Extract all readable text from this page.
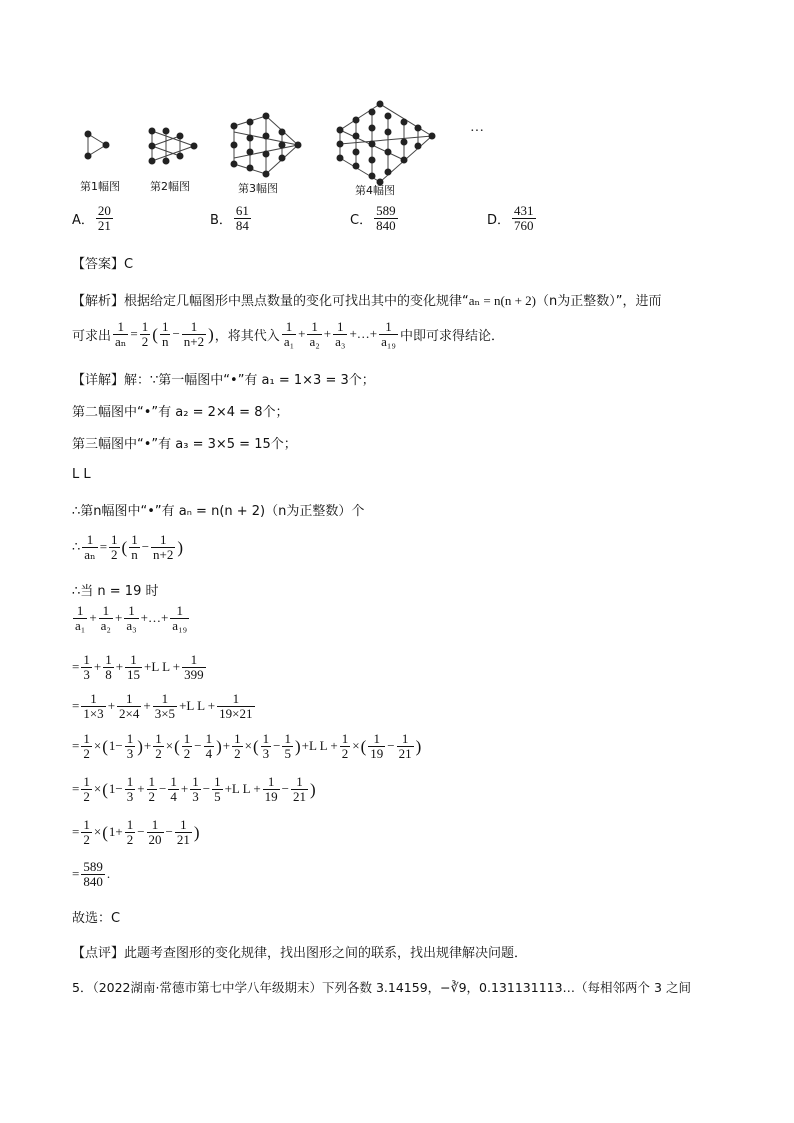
···
第1幅图	第2幅图	第3幅图	第4幅图
A． $\frac{20}{21}$	B． $\frac{61}{84}$	C． $\frac{589}{840}$	D． $\frac{431}{760}$
【答案】C
【解析】根据给定几幅图形中黑点数量的变化可找出其中的变化规律“aₙ = n(n + 2)（n为正整数）”，进而
可求出 $\frac{1}{\text{aₙ}} = \frac{1}{2}$ ( $\frac{1}{n} - \frac{1}{n+2}$ ) ，将其代入 $\frac{1}{\text{a₁}} + \frac{1}{\text{a₂}} + \frac{1}{\text{a₃}}$ +…+ $\frac{1}{\text{a₁₉}}$ 中即可求得结论．
【详解】解：∵第一幅图中“•”有 a₁ = 1×3 = 3个；
第二幅图中“•”有 a₂ = 2×4 = 8个；
第三幅图中“•”有 a₃ = 3×5 = 15个；
L L
∴第n幅图中“•”有 aₙ = n(n + 2)（n为正整数）个
∴ $\frac{1}{\text{aₙ}} = \frac{1}{2}$ ( $\frac{1}{n} - \frac{1}{n+2}$ )
∴当 n = 19 时
$\frac{1}{\text{a₁}} + \frac{1}{\text{a₂}} + \frac{1}{\text{a₃}}$ +…+ $\frac{1}{\text{a₁₉}}$
= $\frac{1}{3} + \frac{1}{8} + \frac{1}{15} +L$ $L + \frac{1}{399}$
= $\frac{1}{1\times 3} + \frac{1}{2\times 4} + \frac{1}{3\times 5} +L$ $L + \frac{1}{19\times 21}$
= $\frac{1}{2}$ × ( $1- \frac{1}{3}$ ) + $\frac{1}{2}$ × ( $\frac{1}{2} - \frac{1}{4}$ ) + $\frac{1}{2}$ × ( $\frac{1}{3} - \frac{1}{5}$ ) +L $L + \frac{1}{2}$ × ( $\frac{1}{19} - \frac{1}{21}$ )
= $\frac{1}{2}$ × ( $1- \frac{1}{3} + \frac{1}{2} - \frac{1}{4} + \frac{1}{3} - \frac{1}{5} +L$ $L + \frac{1}{19} - \frac{1}{21}$ )
= $\frac{1}{2}$ × ( $1+ \frac{1}{2} - \frac{1}{20} - \frac{1}{21}$ )
= $\frac{589}{840}$ .
故选：C
【点评】此题考查图形的变化规律，找出图形之间的联系，找出规律解决问题．
5．（2022湖南·常德市第七中学八年级期末）下列各数 3.14159，−∛9，0.131131113…（每相邻两个 3 之间
